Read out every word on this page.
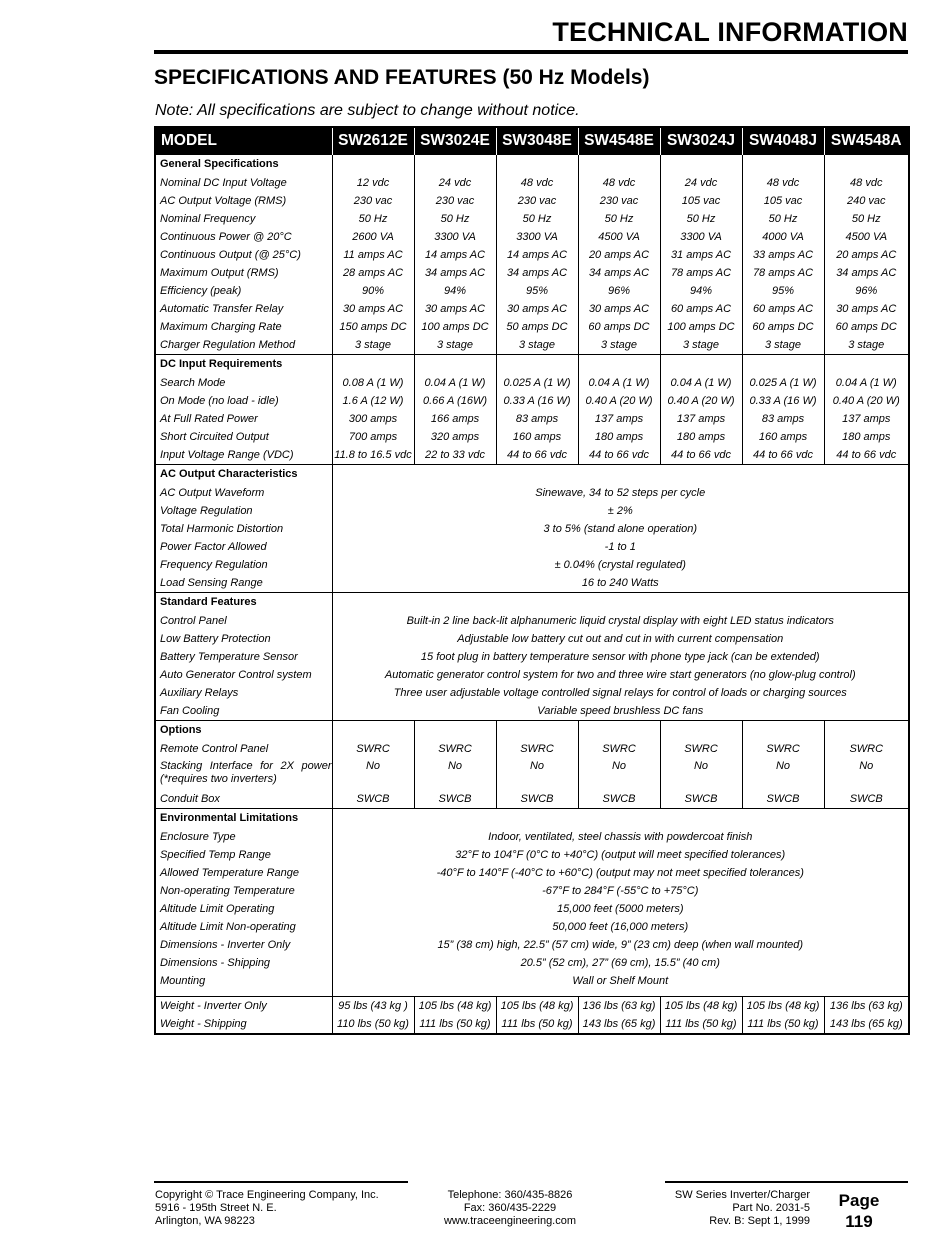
TECHNICAL INFORMATION
SPECIFICATIONS AND FEATURES (50 Hz Models)
Note: All specifications are subject to change without notice.
MODEL	SW2612E	SW3024E	SW3048E	SW4548E	SW3024J	SW4048J	SW4548A
General Specifications							
Nominal DC Input Voltage	12 vdc	24 vdc	48 vdc	48 vdc	24 vdc	48 vdc	48 vdc
AC Output Voltage (RMS)	230 vac	230 vac	230 vac	230 vac	105 vac	105 vac	240 vac
Nominal Frequency	50 Hz	50 Hz	50 Hz	50 Hz	50 Hz	50 Hz	50 Hz
Continuous Power @ 20°C	2600 VA	3300 VA	3300 VA	4500 VA	3300 VA	4000 VA	4500 VA
Continuous Output (@ 25°C)	11 amps AC	14 amps AC	14 amps AC	20 amps AC	31 amps AC	33 amps AC	20 amps AC
Maximum Output (RMS)	28 amps AC	34 amps AC	34 amps AC	34 amps AC	78 amps AC	78 amps AC	34 amps AC
Efficiency (peak)	90%	94%	95%	96%	94%	95%	96%
Automatic Transfer Relay	30 amps AC	30 amps AC	30 amps AC	30 amps AC	60 amps AC	60 amps AC	30 amps AC
Maximum Charging Rate	150 amps DC	100 amps DC	50 amps DC	60 amps DC	100 amps DC	60 amps DC	60 amps DC
Charger Regulation Method	3 stage	3 stage	3 stage	3 stage	3 stage	3 stage	3 stage
DC Input Requirements							
Search Mode	0.08 A (1 W)	0.04 A (1 W)	0.025 A (1 W)	0.04 A (1 W)	0.04 A (1 W)	0.025 A (1 W)	0.04 A (1 W)
On Mode (no load - idle)	1.6 A (12 W)	0.66 A (16W)	0.33 A (16 W)	0.40 A (20 W)	0.40 A (20 W)	0.33 A (16 W)	0.40 A (20 W)
At Full Rated Power	300 amps	166 amps	83 amps	137 amps	137 amps	83 amps	137 amps
Short Circuited Output	700 amps	320 amps	160 amps	180 amps	180 amps	160 amps	180 amps
Input Voltage Range (VDC)	11.8 to 16.5 vdc	22 to 33 vdc	44 to 66 vdc	44 to 66 vdc	44 to 66 vdc	44 to 66 vdc	44 to 66 vdc
AC Output Characteristics							
AC Output Waveform	Sinewave, 34 to 52 steps per cycle						
Voltage Regulation	± 2%						
Total Harmonic Distortion	3 to 5% (stand alone operation)						
Power Factor Allowed	-1 to 1						
Frequency Regulation	± 0.04% (crystal regulated)						
Load Sensing Range	16 to 240 Watts						
Standard Features							
Control Panel	Built-in 2 line back-lit alphanumeric liquid crystal display with eight LED status indicators						
Low Battery Protection	Adjustable low battery cut out and cut in with current compensation						
Battery Temperature Sensor	15 foot plug in battery temperature sensor with phone type jack (can be extended)						
Auto Generator Control system	Automatic generator control system for two and three wire start generators (no glow-plug control)						
Auxiliary Relays	Three user adjustable voltage controlled signal relays for control of loads or charging sources						
Fan Cooling	Variable speed brushless DC fans						
Options							
Remote Control Panel	SWRC	SWRC	SWRC	SWRC	SWRC	SWRC	SWRC
Stacking Interface for 2X power (*requires two inverters)	No	No	No	No	No	No	No
Conduit Box	SWCB	SWCB	SWCB	SWCB	SWCB	SWCB	SWCB
Environmental Limitations							
Enclosure Type	Indoor, ventilated, steel chassis with powdercoat finish						
Specified Temp Range	32°F to 104°F (0°C to +40°C) (output will meet specified tolerances)						
Allowed Temperature Range	-40°F to 140°F (-40°C to +60°C) (output may not meet specified tolerances)						
Non-operating Temperature	-67°F to 284°F (-55°C to +75°C)						
Altitude Limit Operating	15,000 feet (5000 meters)						
Altitude Limit Non-operating	50,000 feet (16,000 meters)						
Dimensions - Inverter Only	15” (38 cm) high, 22.5” (57 cm) wide, 9” (23 cm) deep (when wall mounted)						
Dimensions - Shipping	20.5” (52 cm), 27” (69 cm), 15.5” (40 cm)						
Mounting	Wall or Shelf Mount						

Weight - Inverter Only	95 lbs (43 kg )	105 lbs (48 kg)	105 lbs (48 kg)	136 lbs (63 kg)	105 lbs (48 kg)	105 lbs (48 kg)	136 lbs (63 kg)
Weight - Shipping	110 lbs (50 kg)	111 lbs (50 kg)	111 lbs (50 kg)	143 lbs (65 kg)	111 lbs (50 kg)	111 lbs (50 kg)	143 lbs (65 kg)
Copyright © Trace Engineering Company, Inc.
5916 - 195th Street N. E.
Arlington, WA 98223
Telephone: 360/435-8826
Fax: 360/435-2229
www.traceengineering.com
SW Series Inverter/Charger
Part No. 2031-5
Rev. B: Sept 1, 1999
Page
119
